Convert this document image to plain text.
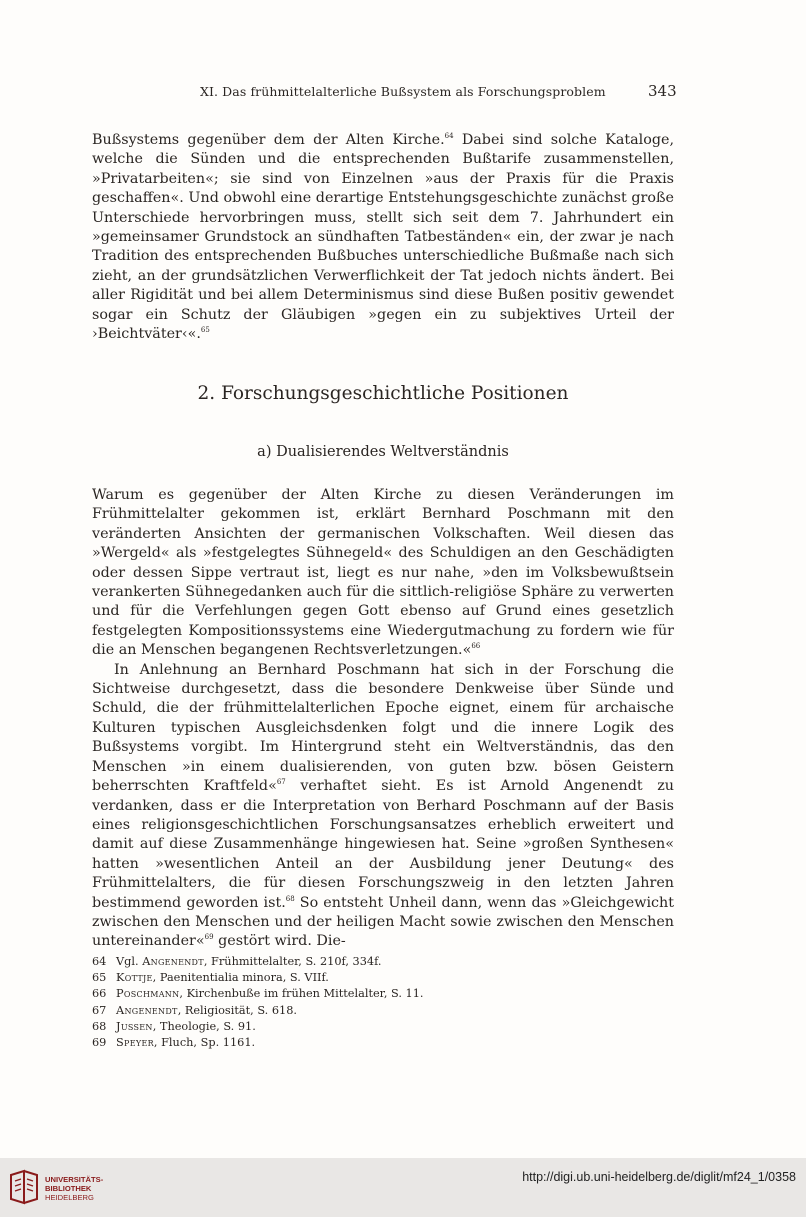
XI. Das frühmittelalterliche Bußsystem als Forschungsproblem	343

Bußsystems gegenüber dem der Alten Kirche.$^{64}$ Dabei sind solche Kataloge, welche die Sünden und die entsprechenden Bußtarife zusammenstellen, »Privatarbeiten«; sie sind von Einzelnen »aus der Praxis für die Praxis geschaffen«. Und obwohl eine derartige Entstehungsgeschichte zunächst große Unterschiede hervorbringen muss, stellt sich seit dem 7. Jahrhundert ein »gemeinsamer Grundstock an sündhaften Tatbeständen« ein, der zwar je nach Tradition des entsprechenden Bußbuches unterschiedliche Bußmaße nach sich zieht, an der grundsätzlichen Verwerflichkeit der Tat jedoch nichts ändert. Bei aller Rigidität und bei allem Determinismus sind diese Bußen positiv gewendet sogar ein Schutz der Gläubigen »gegen ein zu subjektives Urteil der ›Beichtväter‹«.$^{65}$

2. Forschungsgeschichtliche Positionen
a) Dualisierendes Weltverständnis

Warum es gegenüber der Alten Kirche zu diesen Veränderungen im Frühmittelalter gekommen ist, erklärt Bernhard Poschmann mit den veränderten Ansichten der germanischen Volkschaften. Weil diesen das »Wergeld« als »festgelegtes Sühnegeld« des Schuldigen an den Geschädigten oder dessen Sippe vertraut ist, liegt es nur nahe, »den im Volksbewußtsein verankerten Sühnegedanken auch für die sittlich-religiöse Sphäre zu verwerten und für die Verfehlungen gegen Gott ebenso auf Grund eines gesetzlich festgelegten Kompositionssystems eine Wiedergutmachung zu fordern wie für die an Menschen begangenen Rechtsverletzungen.«$^{66}$

In Anlehnung an Bernhard Poschmann hat sich in der Forschung die Sichtweise durchgesetzt, dass die besondere Denkweise über Sünde und Schuld, die der frühmittelalterlichen Epoche eignet, einem für archaische Kulturen typischen Ausgleichsdenken folgt und die innere Logik des Bußsystems vorgibt. Im Hintergrund steht ein Weltverständnis, das den Menschen »in einem dualisierenden, von guten bzw. bösen Geistern beherrschten Kraftfeld«$^{67}$ verhaftet sieht. Es ist Arnold Angenendt zu verdanken, dass er die Interpretation von Berhard Poschmann auf der Basis eines religionsgeschichtlichen Forschungsansatzes erheblich erweitert und damit auf diese Zusammenhänge hingewiesen hat. Seine »großen Synthesen« hatten »wesentlichen Anteil an der Ausbildung jener Deutung« des Frühmittelalters, die für diesen Forschungszweig in den letzten Jahren bestimmend geworden ist.$^{68}$ So entsteht Unheil dann, wenn das »Gleichgewicht zwischen den Menschen und der heiligen Macht sowie zwischen den Menschen untereinander«$^{69}$ gestört wird. Die-

64 Vgl. Angenendt, Frühmittelalter, S. 210f, 334f.
65 Kottje, Paenitentialia minora, S. VIIf.
66 Poschmann, Kirchenbuße im frühen Mittelalter, S. 11.
67 Angenendt, Religiosität, S. 618.
68 Jussen, Theologie, S. 91.
69 Speyer, Fluch, Sp. 1161.
UNIVERSITÄTS-
BIBLIOTHEK
HEIDELBERG
http://digi.ub.uni-heidelberg.de/diglit/mf24_1/0358
